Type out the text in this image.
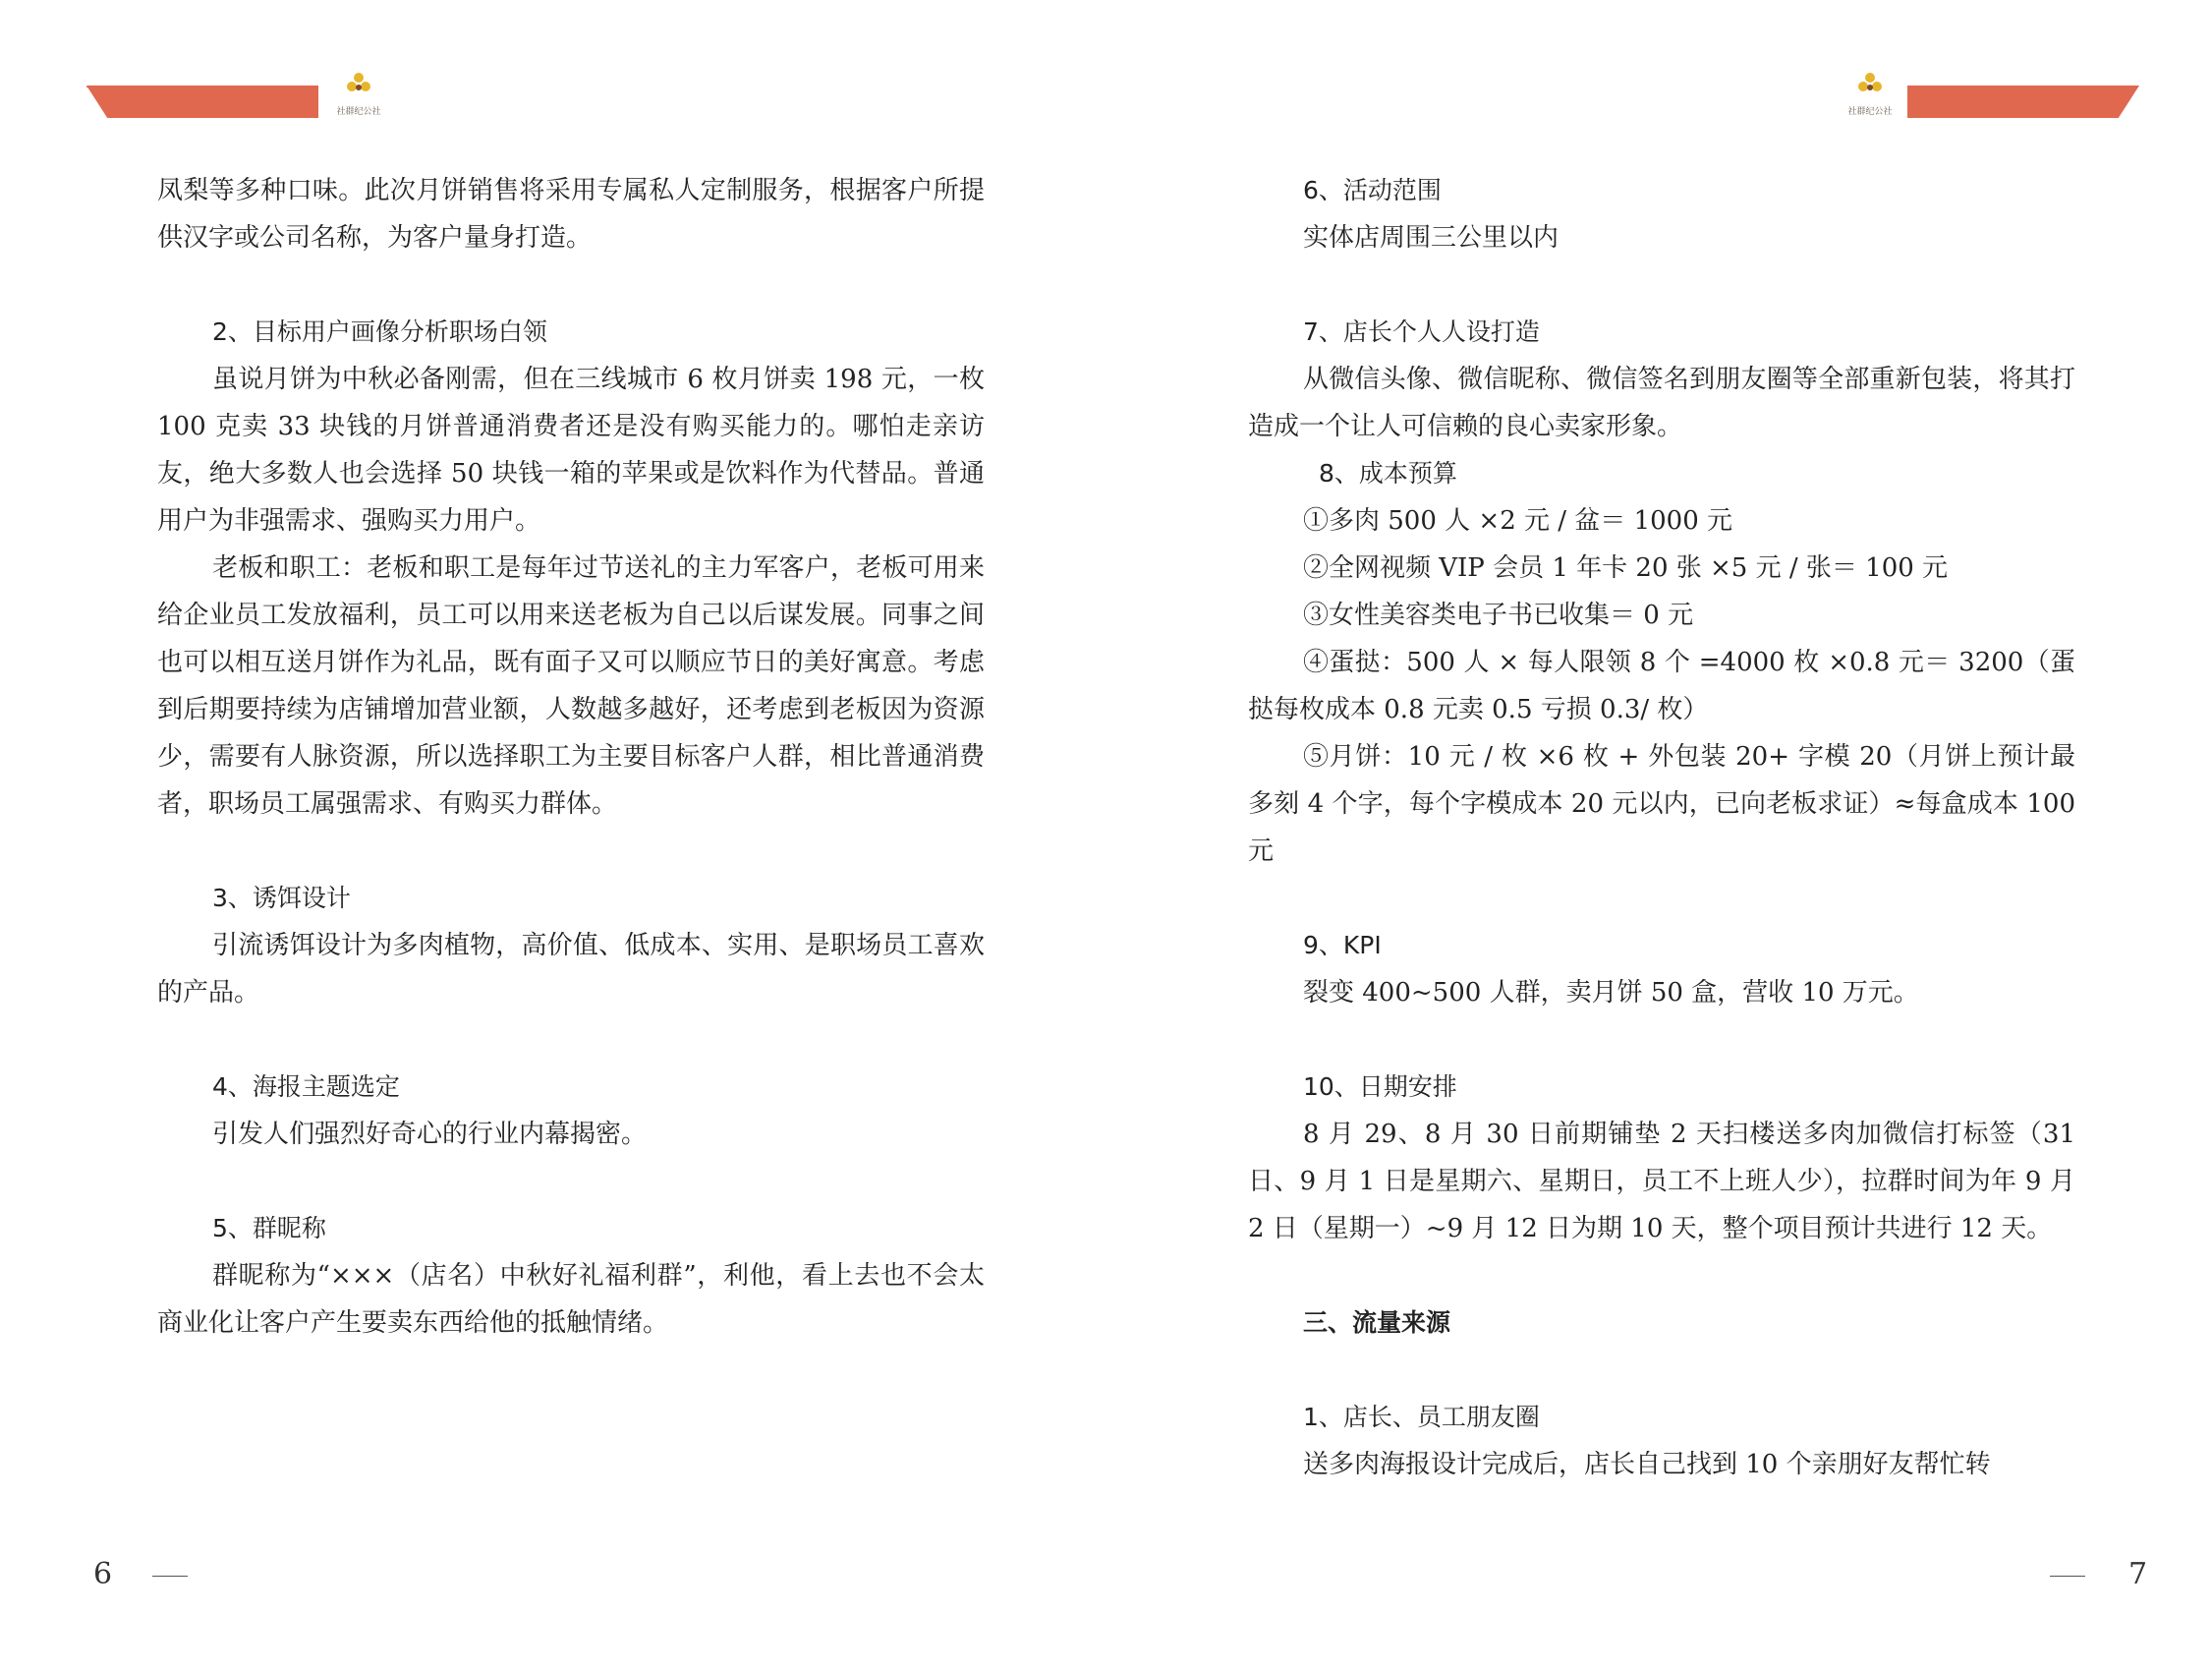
社群纪公社

凤梨等多种口味。此次月饼销售将采用专属私人定制服务，根据客户所提供汉字或公司名称，为客户量身打造。

2、目标用户画像分析职场白领

虽说月饼为中秋必备刚需，但在三线城市 6 枚月饼卖 198 元，一枚 100 克卖 33 块钱的月饼普通消费者还是没有购买能力的。哪怕走亲访友，绝大多数人也会选择 50 块钱一箱的苹果或是饮料作为代替品。普通用户为非强需求、强购买力用户。

老板和职工：老板和职工是每年过节送礼的主力军客户，老板可用来给企业员工发放福利，员工可以用来送老板为自己以后谋发展。同事之间也可以相互送月饼作为礼品，既有面子又可以顺应节日的美好寓意。考虑到后期要持续为店铺增加营业额，人数越多越好，还考虑到老板因为资源少，需要有人脉资源，所以选择职工为主要目标客户人群，相比普通消费者，职场员工属强需求、有购买力群体。

3、诱饵设计

引流诱饵设计为多肉植物，高价值、低成本、实用、是职场员工喜欢的产品。

4、海报主题选定

引发人们强烈好奇心的行业内幕揭密。

5、群昵称

群昵称为“×××（店名）中秋好礼福利群”，利他，看上去也不会太商业化让客户产生要卖东西给他的抵触情绪。

6
社群纪公社

6、活动范围

实体店周围三公里以内

7、店长个人人设打造

从微信头像、微信昵称、微信签名到朋友圈等全部重新包装，将其打造成一个让人可信赖的良心卖家形象。

8、成本预算

①多肉 500 人 ×2 元 / 盆＝ 1000 元

②全网视频 VIP 会员 1 年卡 20 张 ×5 元 / 张＝ 100 元

③女性美容类电子书已收集＝ 0 元

④蛋挞：500 人 × 每人限领 8 个 =4000 枚 ×0.8 元＝ 3200（蛋挞每枚成本 0.8 元卖 0.5 亏损 0.3/ 枚）

⑤月饼：10 元 / 枚 ×6 枚 + 外包装 20+ 字模 20（月饼上预计最多刻 4 个字，每个字模成本 20 元以内，已向老板求证）≈每盒成本 100 元

9、KPI

裂变 400~500 人群，卖月饼 50 盒，营收 10 万元。

10、日期安排

8 月 29、8 月 30 日前期铺垫 2 天扫楼送多肉加微信打标签（31 日、9 月 1 日是星期六、星期日，员工不上班人少），拉群时间为年 9 月 2 日（星期一）~9 月 12 日为期 10 天，整个项目预计共进行 12 天。

三、流量来源

1、店长、员工朋友圈

送多肉海报设计完成后，店长自己找到 10 个亲朋好友帮忙转

7
